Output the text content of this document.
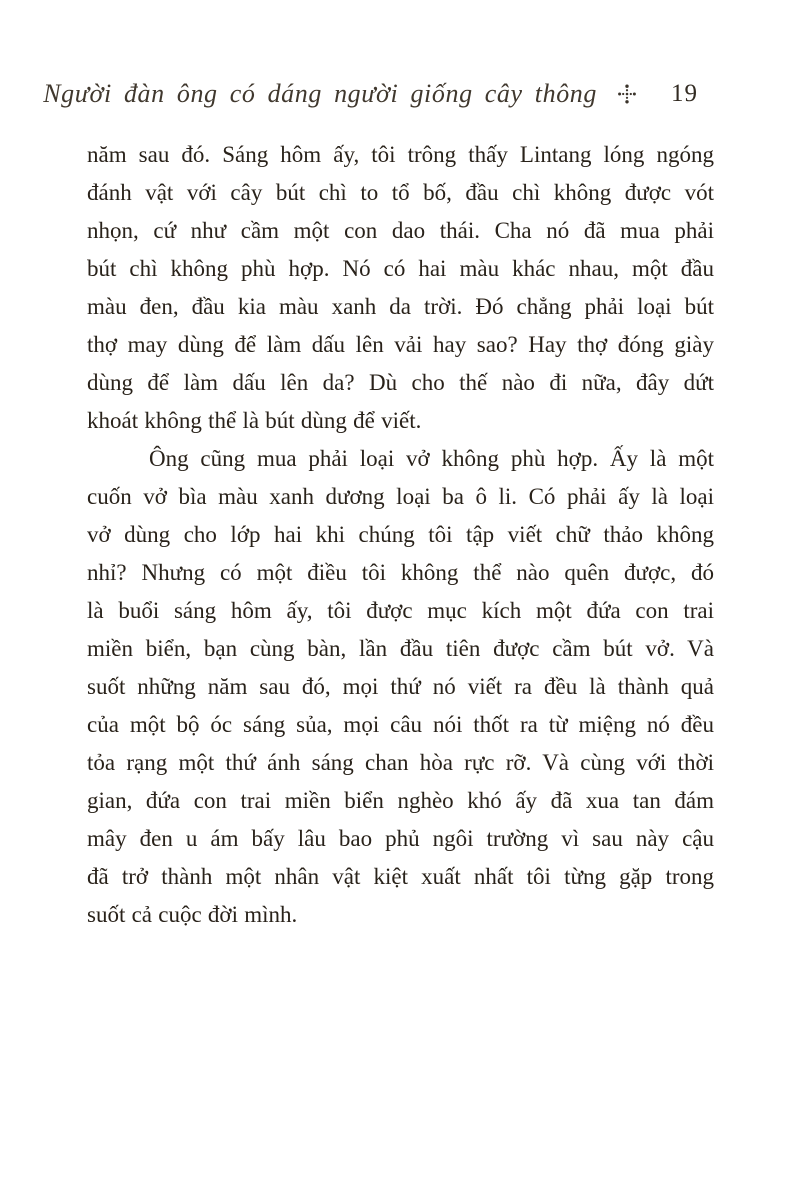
Người đàn ông có dáng người giống cây thông	19
năm sau đó. Sáng hôm ấy, tôi trông thấy Lintang lóng ngóng
đánh vật với cây bút chì to tổ bố, đầu chì không được vót
nhọn, cứ như cầm một con dao thái. Cha nó đã mua phải
bút chì không phù hợp. Nó có hai màu khác nhau, một đầu
màu đen, đầu kia màu xanh da trời. Đó chẳng phải loại bút
thợ may dùng để làm dấu lên vải hay sao? Hay thợ đóng giày
dùng để làm dấu lên da? Dù cho thế nào đi nữa, đây dứt
khoát không thể là bút dùng để viết.
Ông cũng mua phải loại vở không phù hợp. Ấy là một
cuốn vở bìa màu xanh dương loại ba ô li. Có phải ấy là loại
vở dùng cho lớp hai khi chúng tôi tập viết chữ thảo không
nhỉ? Nhưng có một điều tôi không thể nào quên được, đó
là buổi sáng hôm ấy, tôi được mục kích một đứa con trai
miền biển, bạn cùng bàn, lần đầu tiên được cầm bút vở. Và
suốt những năm sau đó, mọi thứ nó viết ra đều là thành quả
của một bộ óc sáng sủa, mọi câu nói thốt ra từ miệng nó đều
tỏa rạng một thứ ánh sáng chan hòa rực rỡ. Và cùng với thời
gian, đứa con trai miền biển nghèo khó ấy đã xua tan đám
mây đen u ám bấy lâu bao phủ ngôi trường vì sau này cậu
đã trở thành một nhân vật kiệt xuất nhất tôi từng gặp trong
suốt cả cuộc đời mình.
